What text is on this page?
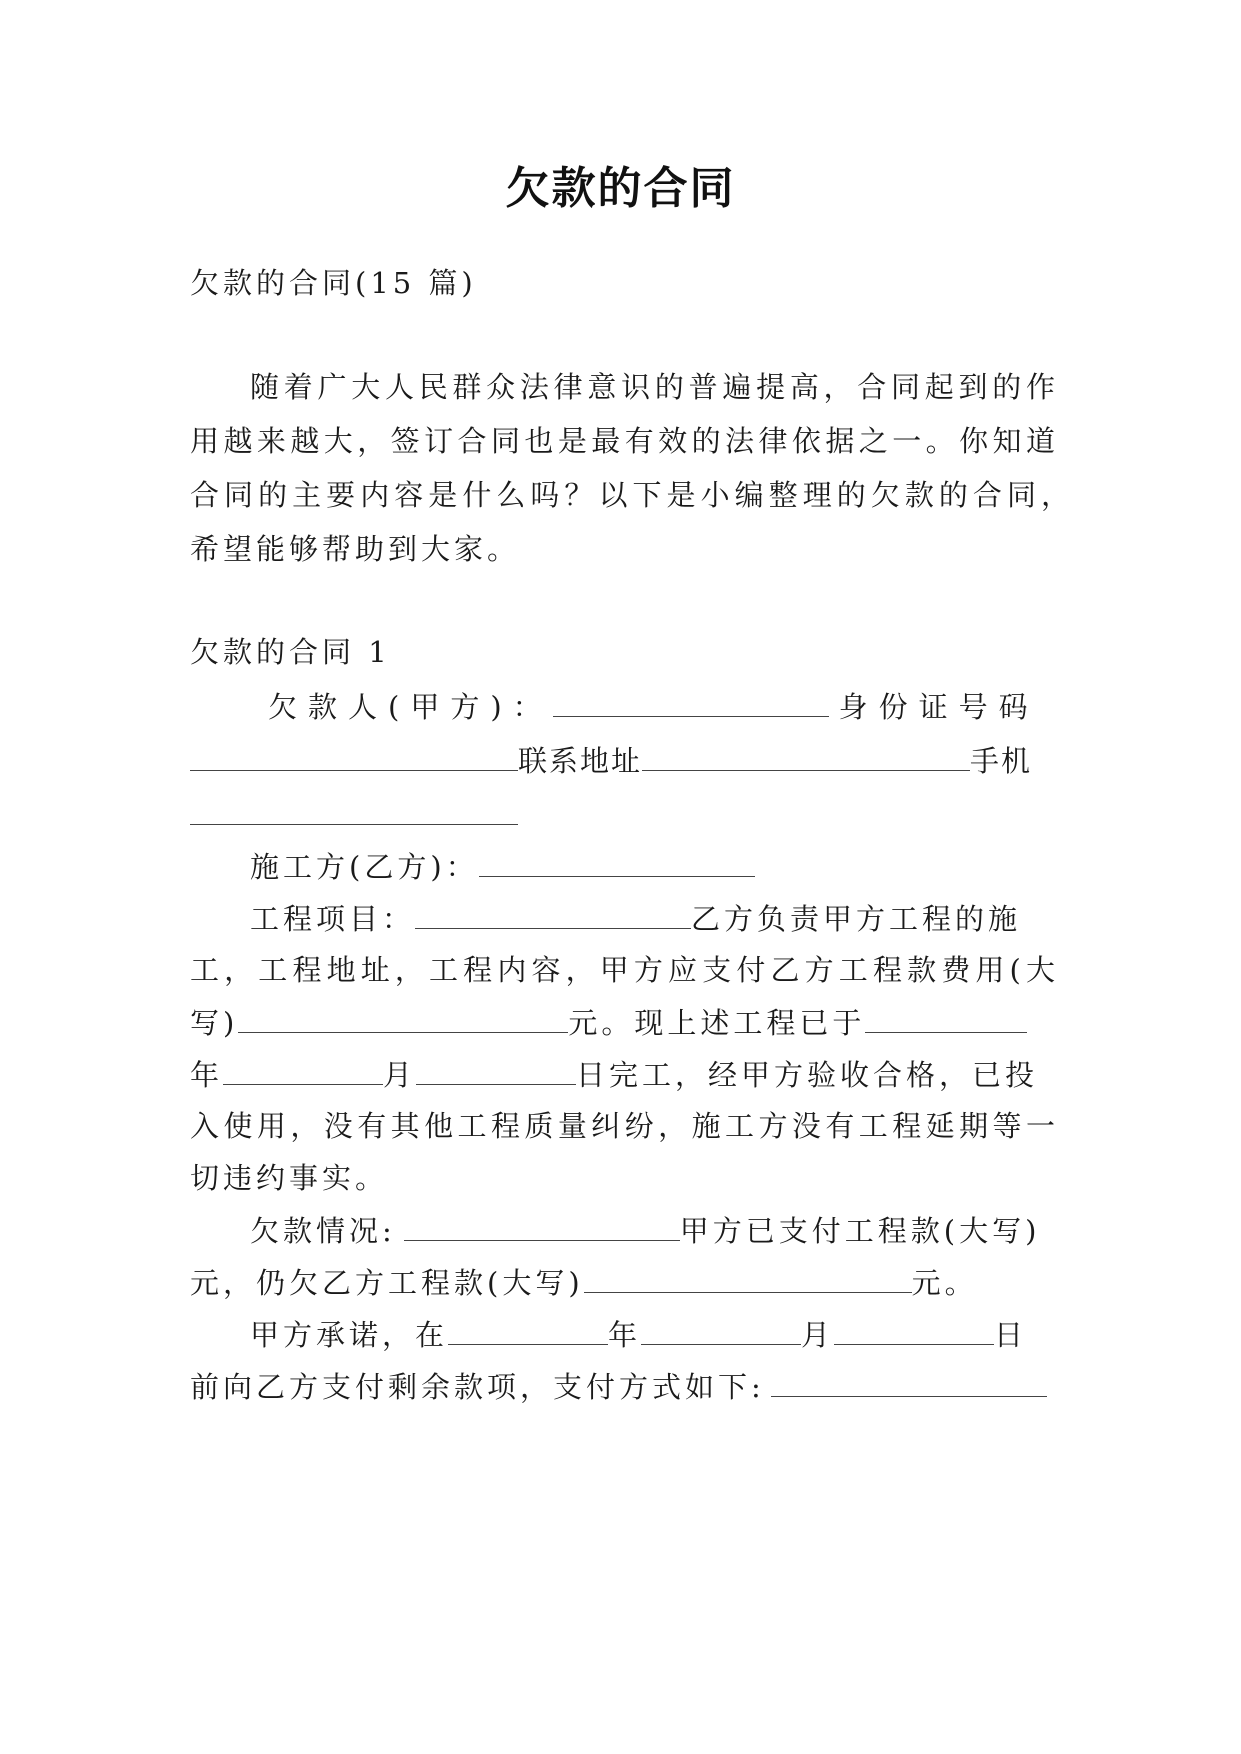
欠款的合同
欠款的合同(15 篇)
随着广大人民群众法律意识的普遍提高，合同起到的作
用越来越大，签订合同也是最有效的法律依据之一。你知道
合同的主要内容是什么吗？以下是小编整理的欠款的合同，
希望能够帮助到大家。
欠款的合同 1
欠款人(甲方)：	身份证号码
联系地址	手机
施工方(乙方)：
工程项目：	乙方负责甲方工程的施
工，工程地址，工程内容，甲方应支付乙方工程款费用(大
写)	元。现上述工程已于
年	月	日完工，经甲方验收合格，已投
入使用，没有其他工程质量纠纷，施工方没有工程延期等一
切违约事实。
欠款情况:	甲方已支付工程款(大写)
元，仍欠乙方工程款(大写)	元。
甲方承诺，在	年	月	日
前向乙方支付剩余款项，支付方式如下:
